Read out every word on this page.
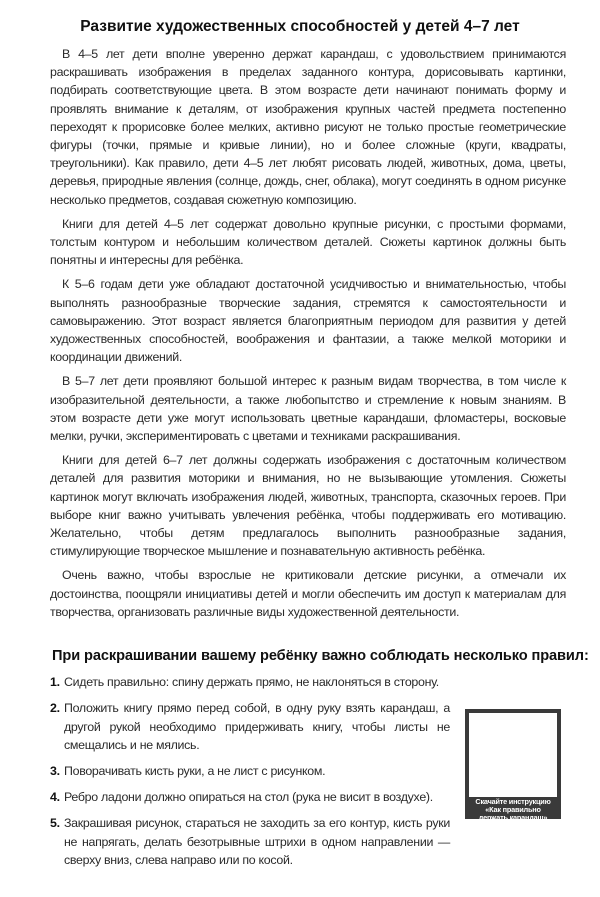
Развитие художественных способностей у детей 4–7 лет

В 4–5 лет дети вполне уверенно держат карандаш, с удовольствием принимаются раскрашивать изображения в пределах заданного контура, дорисовывать картинки, подбирать соответствующие цвета. В этом возрасте дети начинают понимать форму и проявлять внимание к деталям, от изображения крупных частей предмета постепенно переходят к прорисовке более мелких, активно рисуют не только простые геометрические фигуры (точки, прямые и кривые линии), но и более сложные (круги, квадраты, треугольники). Как правило, дети 4–5 лет любят рисовать людей, животных, дома, цветы, деревья, природные явления (солнце, дождь, снег, облака), могут соединять в одном рисунке несколько предметов, создавая сюжетную композицию.

Книги для детей 4–5 лет содержат довольно крупные рисунки, с простыми формами, толстым контуром и небольшим количеством деталей. Сюжеты картинок должны быть понятны и интересны для ребёнка.

К 5–6 годам дети уже обладают достаточной усидчивостью и внимательностью, чтобы выполнять разнообразные творческие задания, стремятся к самостоятельности и самовыражению. Этот возраст является благоприятным периодом для развития у детей художественных способностей, воображения и фантазии, а также мелкой моторики и координации движений.

В 5–7 лет дети проявляют большой интерес к разным видам творчества, в том числе к изобразительной деятельности, а также любопытство и стремление к новым знаниям. В этом возрасте дети уже могут использовать цветные карандаши, фломастеры, восковые мелки, ручки, экспериментировать с цветами и техниками раскрашивания.

Книги для детей 6–7 лет должны содержать изображения с достаточным количеством деталей для развития моторики и внимания, но не вызывающие утомления. Сюжеты картинок могут включать изображения людей, животных, транспорта, сказочных героев. При выборе книг важно учитывать увлечения ребёнка, чтобы поддерживать его мотивацию. Желательно, чтобы детям предлагалось выполнить разнообразные задания, стимулирующие творческое мышление и познавательную активность ребёнка.

Очень важно, чтобы взрослые не критиковали детские рисунки, а отмечали их достоинства, поощряли инициативы детей и могли обеспечить им доступ к материалам для творчества, организовать различные виды художественной деятельности.

При раскрашивании вашему ребёнку важно соблюдать несколько правил:
1. Сидеть правильно: спину держать прямо, не наклоняться в сторону.
2. Положить книгу прямо перед собой, в одну руку взять карандаш, а другой рукой необходимо придерживать книгу, чтобы листы не смещались и не мялись.
3. Поворачивать кисть руки, а не лист с рисунком.
4. Ребро ладони должно опираться на стол (рука не висит в воздухе).
5. Закрашивая рисунок, стараться не заходить за его контур, кисть руки не напрягать, делать безотрывные штрихи в одном направлении — сверху вниз, слева направо или по косой.
Скачайте инструкцию
«Как правильно
держать карандаш»
